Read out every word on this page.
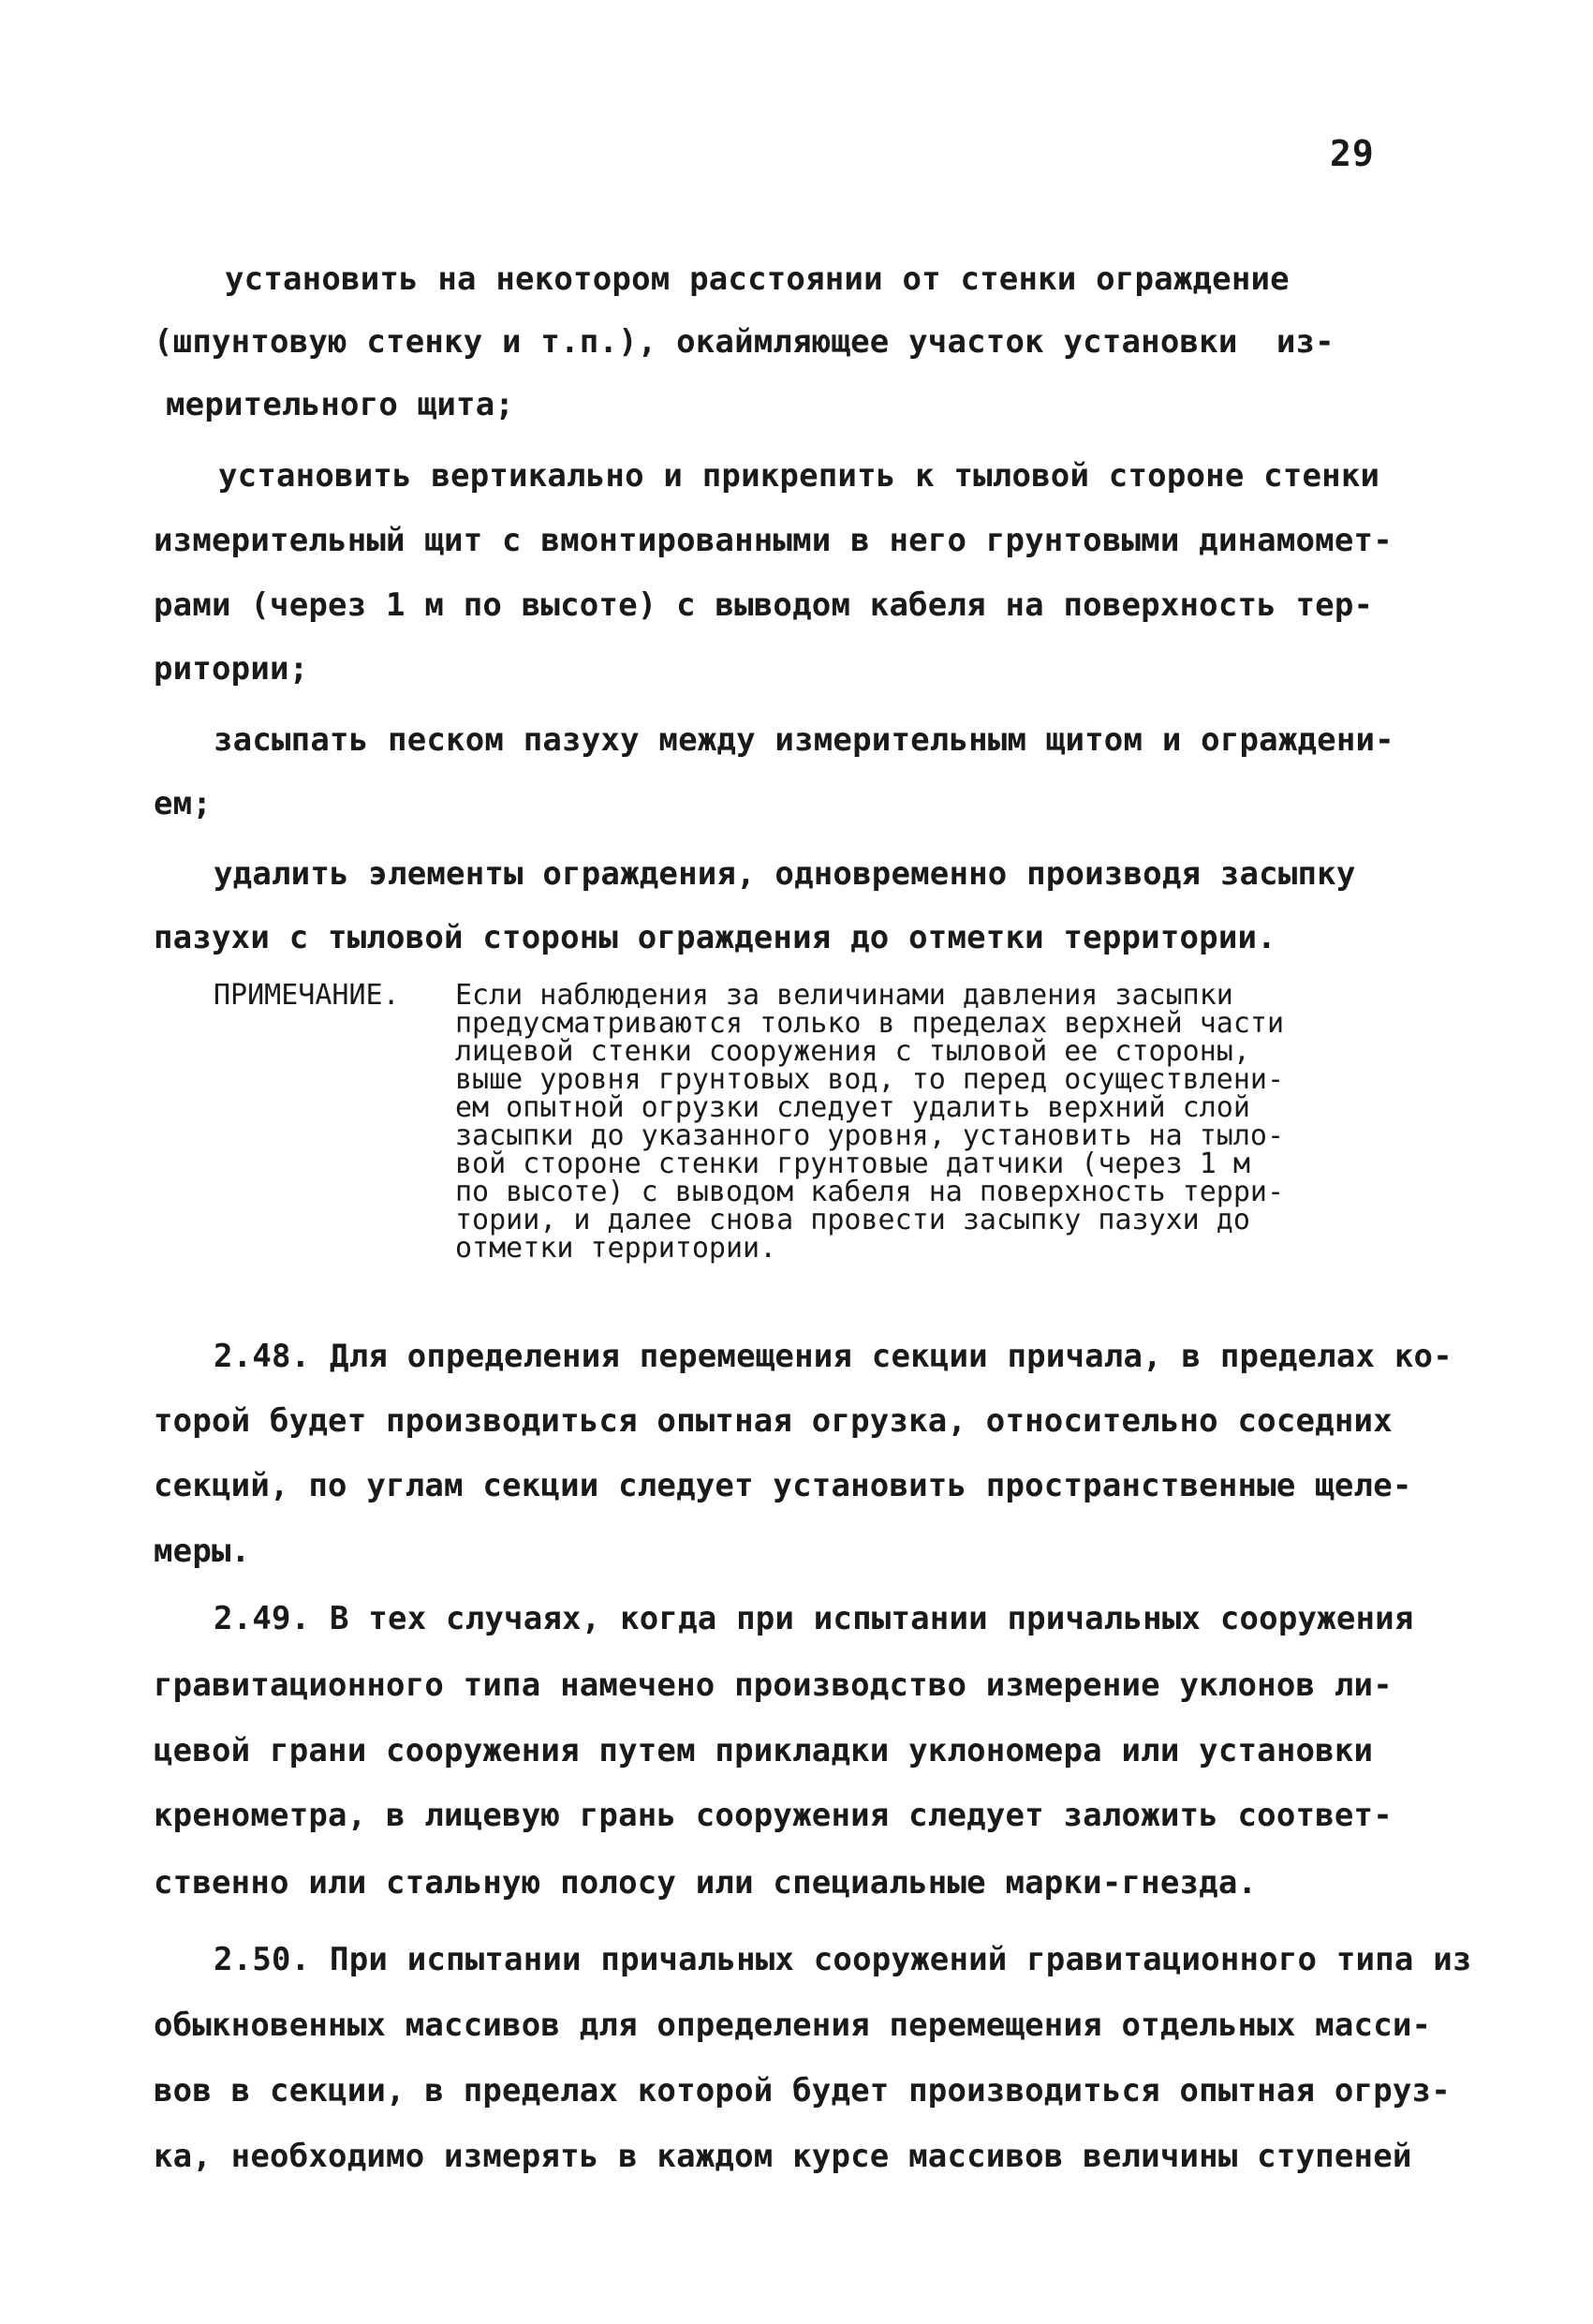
29
установить на некотором расстоянии от стенки ограждение
(шпунтовую стенку и т.п.), окаймляющее участок установки  из-
мерительного щита;
установить вертикально и прикрепить к тыловой стороне стенки
измерительный щит с вмонтированными в него грунтовыми динамомет-
рами (через 1 м по высоте) с выводом кабеля на поверхность тер-
ритории;
засыпать песком пазуху между измерительным щитом и ограждени-
ем;
удалить элементы ограждения, одновременно производя засыпку
пазухи с тыловой стороны ограждения до отметки территории.
ПРИМЕЧАНИЕ. Если наблюдения за величинами давления засыпки
предусматриваются только в пределах верхней части
лицевой стенки сооружения с тыловой ее стороны,
выше уровня грунтовых вод, то перед осуществлени-
ем опытной огрузки следует удалить верхний слой
засыпки до указанного уровня, установить на тыло-
вой стороне стенки грунтовые датчики (через 1 м
по высоте) с выводом кабеля на поверхность терри-
тории, и далее снова провести засыпку пазухи до
отметки территории.
2.48. Для определения перемещения секции причала, в пределах ко-
торой будет производиться опытная огрузка, относительно соседних
секций, по углам секции следует установить пространственные щеле-
меры.
2.49. В тех случаях, когда при испытании причальных сооружения
гравитационного типа намечено производство измерение уклонов ли-
цевой грани сооружения путем прикладки уклономера или установки
кренометра, в лицевую грань сооружения следует заложить соответ-
ственно или стальную полосу или специальные марки-гнезда.
2.50. При испытании причальных сооружений гравитационного типа из
обыкновенных массивов для определения перемещения отдельных масси-
вов в секции, в пределах которой будет производиться опытная огруз-
ка, необходимо измерять в каждом курсе массивов величины ступеней
